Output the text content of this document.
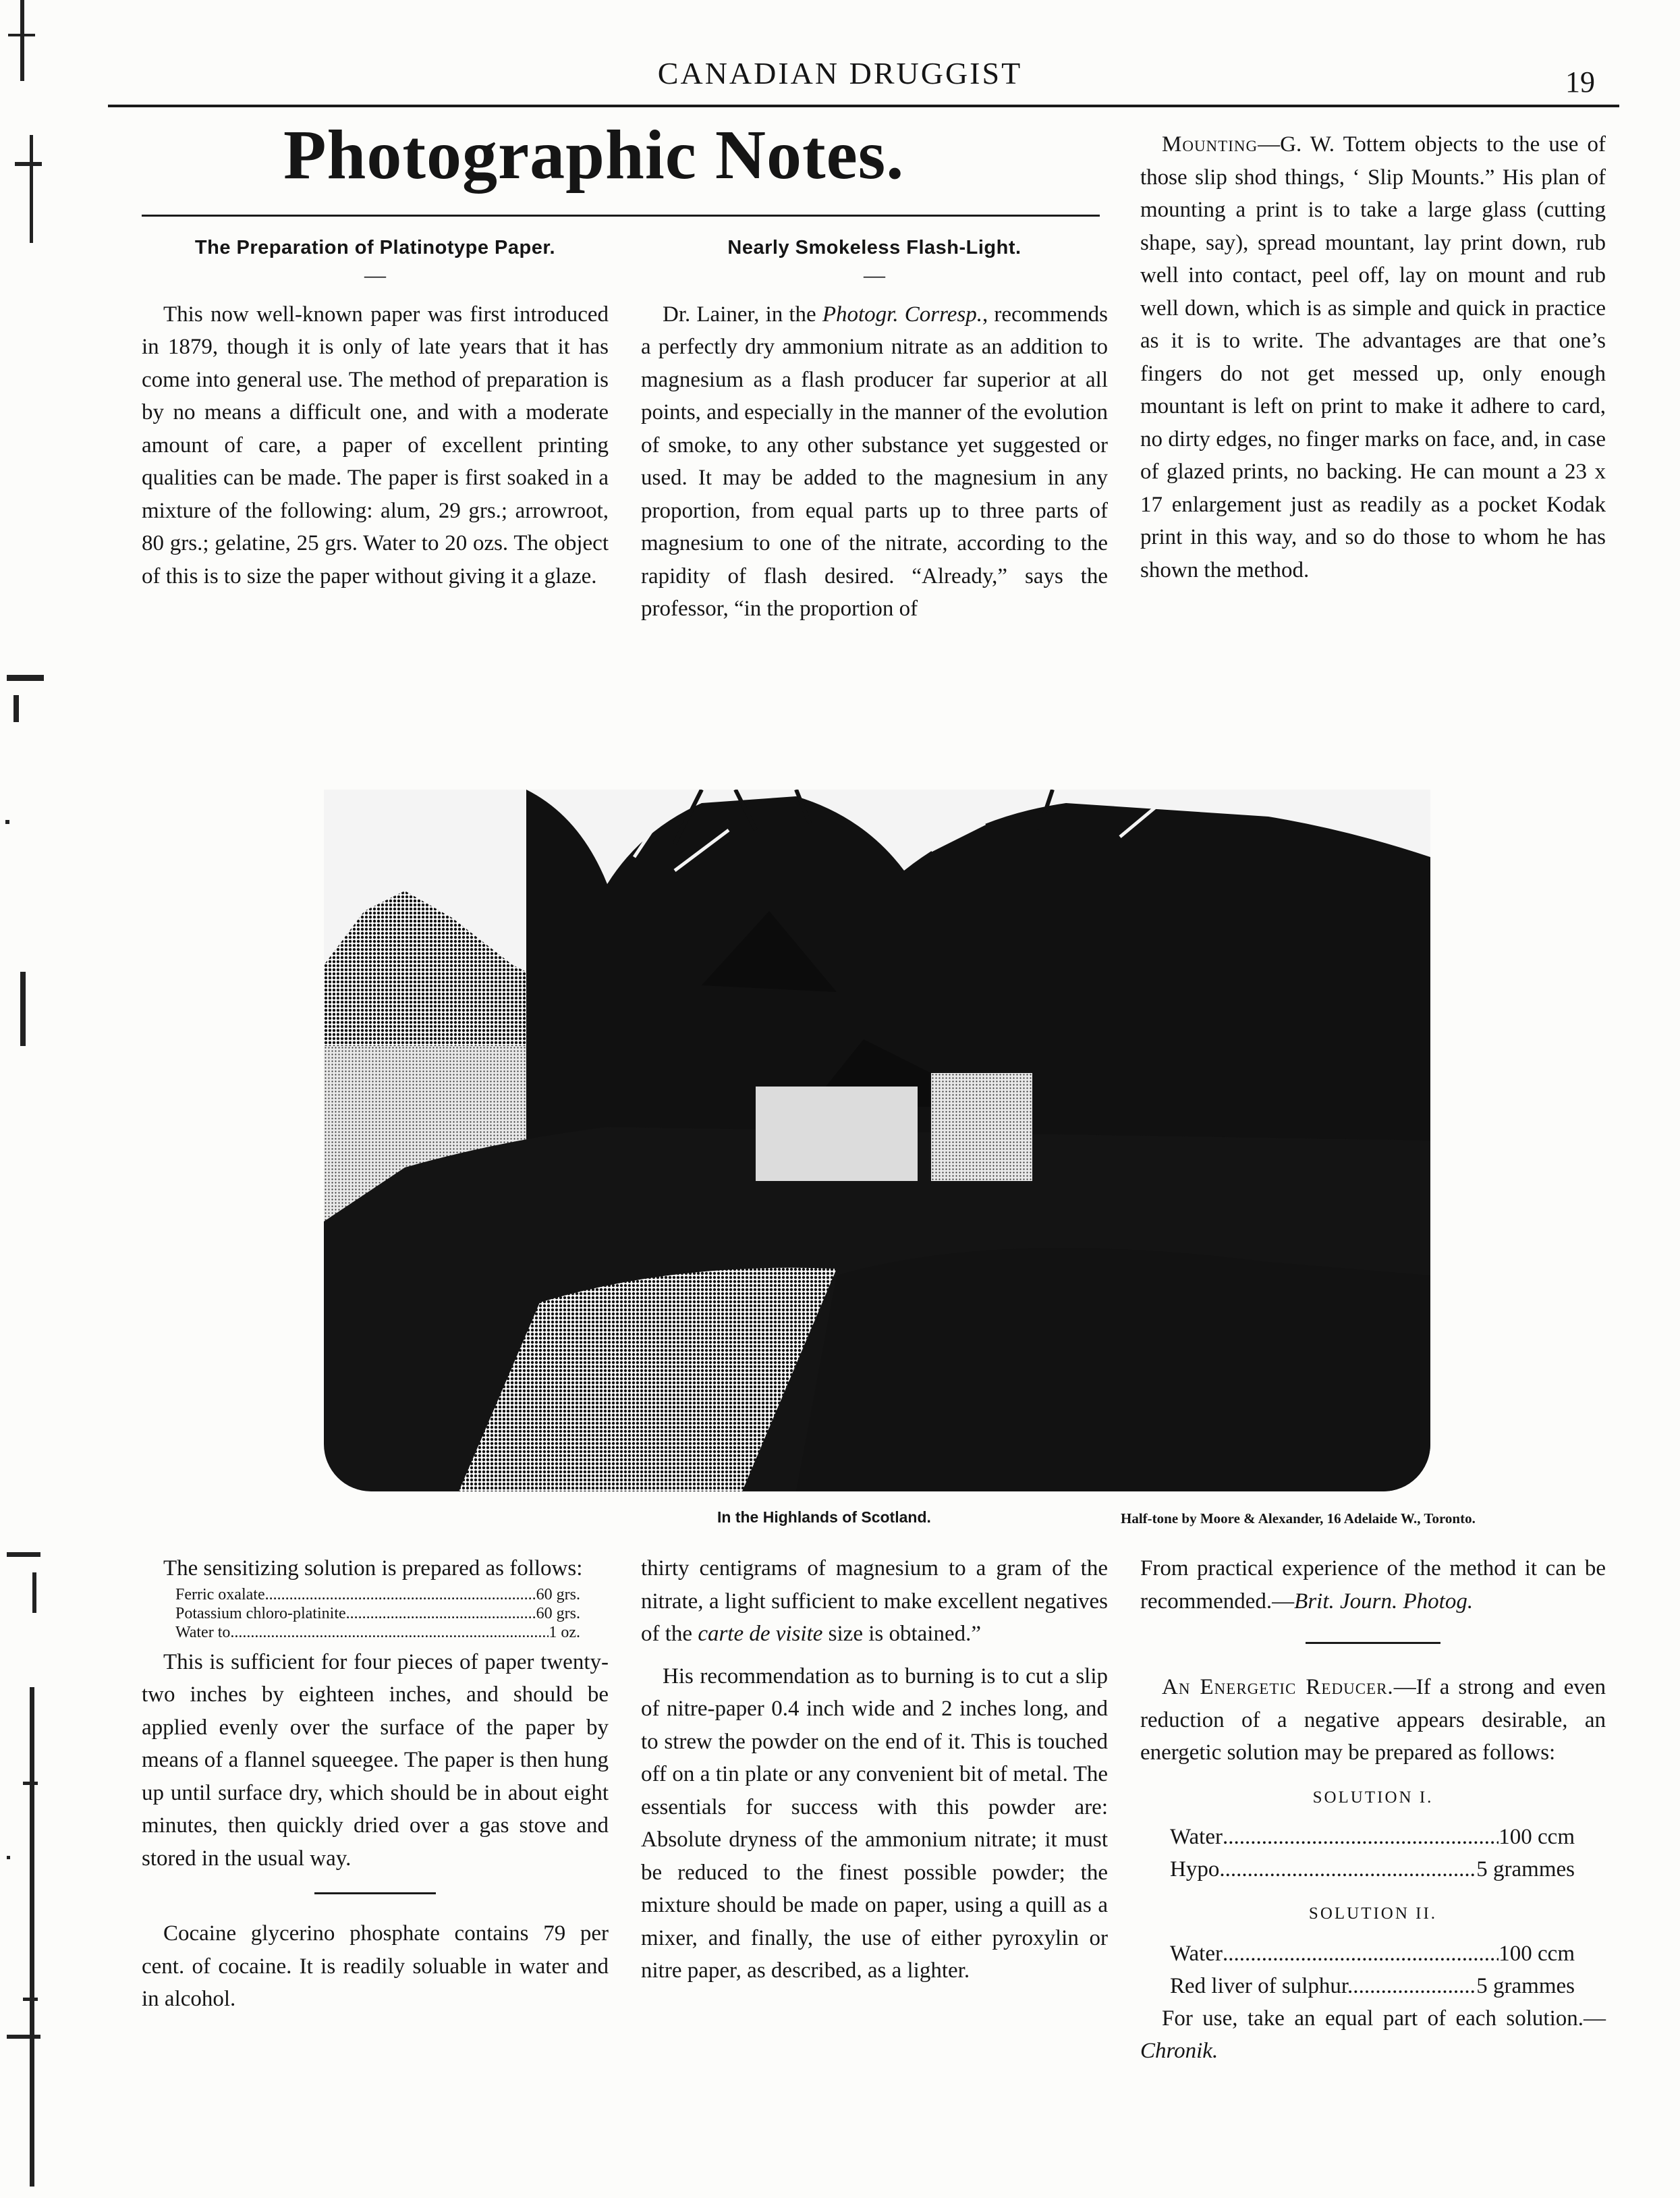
CANADIAN DRUGGIST	19
Photographic Notes.
The Preparation of Platinotype Paper.
—

This now well-known paper was first introduced in 1879, though it is only of late years that it has come into general use. The method of preparation is by no means a difficult one, and with a moderate amount of care, a paper of excellent printing qualities can be made. The paper is first soaked in a mixture of the following: alum, 29 grs.; arrowroot, 80 grs.; gelatine, 25 grs. Water to 20 ozs. The object of this is to size the paper without giving it a glaze.

Nearly Smokeless Flash-Light.
—

Dr. Lainer, in the Photogr. Corresp., recommends a perfectly dry ammonium nitrate as an addition to magnesium as a flash producer far superior at all points, and especially in the manner of the evolution of smoke, to any other substance yet suggested or used. It may be added to the magnesium in any proportion, from equal parts up to three parts of magnesium to one of the nitrate, according to the rapidity of flash desired. “Already,” says the professor, “in the proportion of

Mounting—G. W. Tottem objects to the use of those slip shod things, ‘ Slip Mounts.” His plan of mounting a print is to take a large glass (cutting shape, say), spread mountant, lay print down, rub well into contact, peel off, lay on mount and rub well down, which is as simple and quick in practice as it is to write. The advantages are that one’s fingers do not get messed up, only enough mountant is left on print to make it adhere to card, no dirty edges, no finger marks on face, and, in case of glazed prints, no backing. He can mount a 23 x 17 enlargement just as readily as a pocket Kodak print in this way, and so do those to whom he has shown the method.

In the Highlands of Scotland.	Half-tone by Moore & Alexander, 16 Adelaide W., Toronto.

The sensitizing solution is prepared as follows:

Ferric oxalate .....	60 grs.
Potassium chloro-platinite .....	60 grs.
Water to .....	1 oz.

This is sufficient for four pieces of paper twenty-two inches by eighteen inches, and should be applied evenly over the surface of the paper by means of a flannel squeegee. The paper is then hung up until surface dry, which should be in about eight minutes, then quickly dried over a gas stove and stored in the usual way.

Cocaine glycerino phosphate contains 79 per cent. of cocaine. It is readily soluable in water and in alcohol.

thirty centigrams of magnesium to a gram of the nitrate, a light sufficient to make excellent negatives of the carte de visite size is obtained.”

His recommendation as to burning is to cut a slip of nitre-paper 0.4 inch wide and 2 inches long, and to strew the powder on the end of it. This is touched off on a tin plate or any convenient bit of metal. The essentials for success with this powder are: Absolute dryness of the ammonium nitrate; it must be reduced to the finest possible powder; the mixture should be made on paper, using a quill as a mixer, and finally, the use of either pyroxylin or nitre paper, as described, as a lighter.

From practical experience of the method it can be recommended.—Brit. Journ. Photog.

An Energetic Reducer.—If a strong and even reduction of a negative appears desirable, an energetic solution may be prepared as follows:

SOLUTION I.
Water .....	100 ccm
Hypo .....	5 grammes
SOLUTION II.
Water .....	100 ccm
Red liver of sulphur.. .....	5 grammes

For use, take an equal part of each solution.—Chronik.
